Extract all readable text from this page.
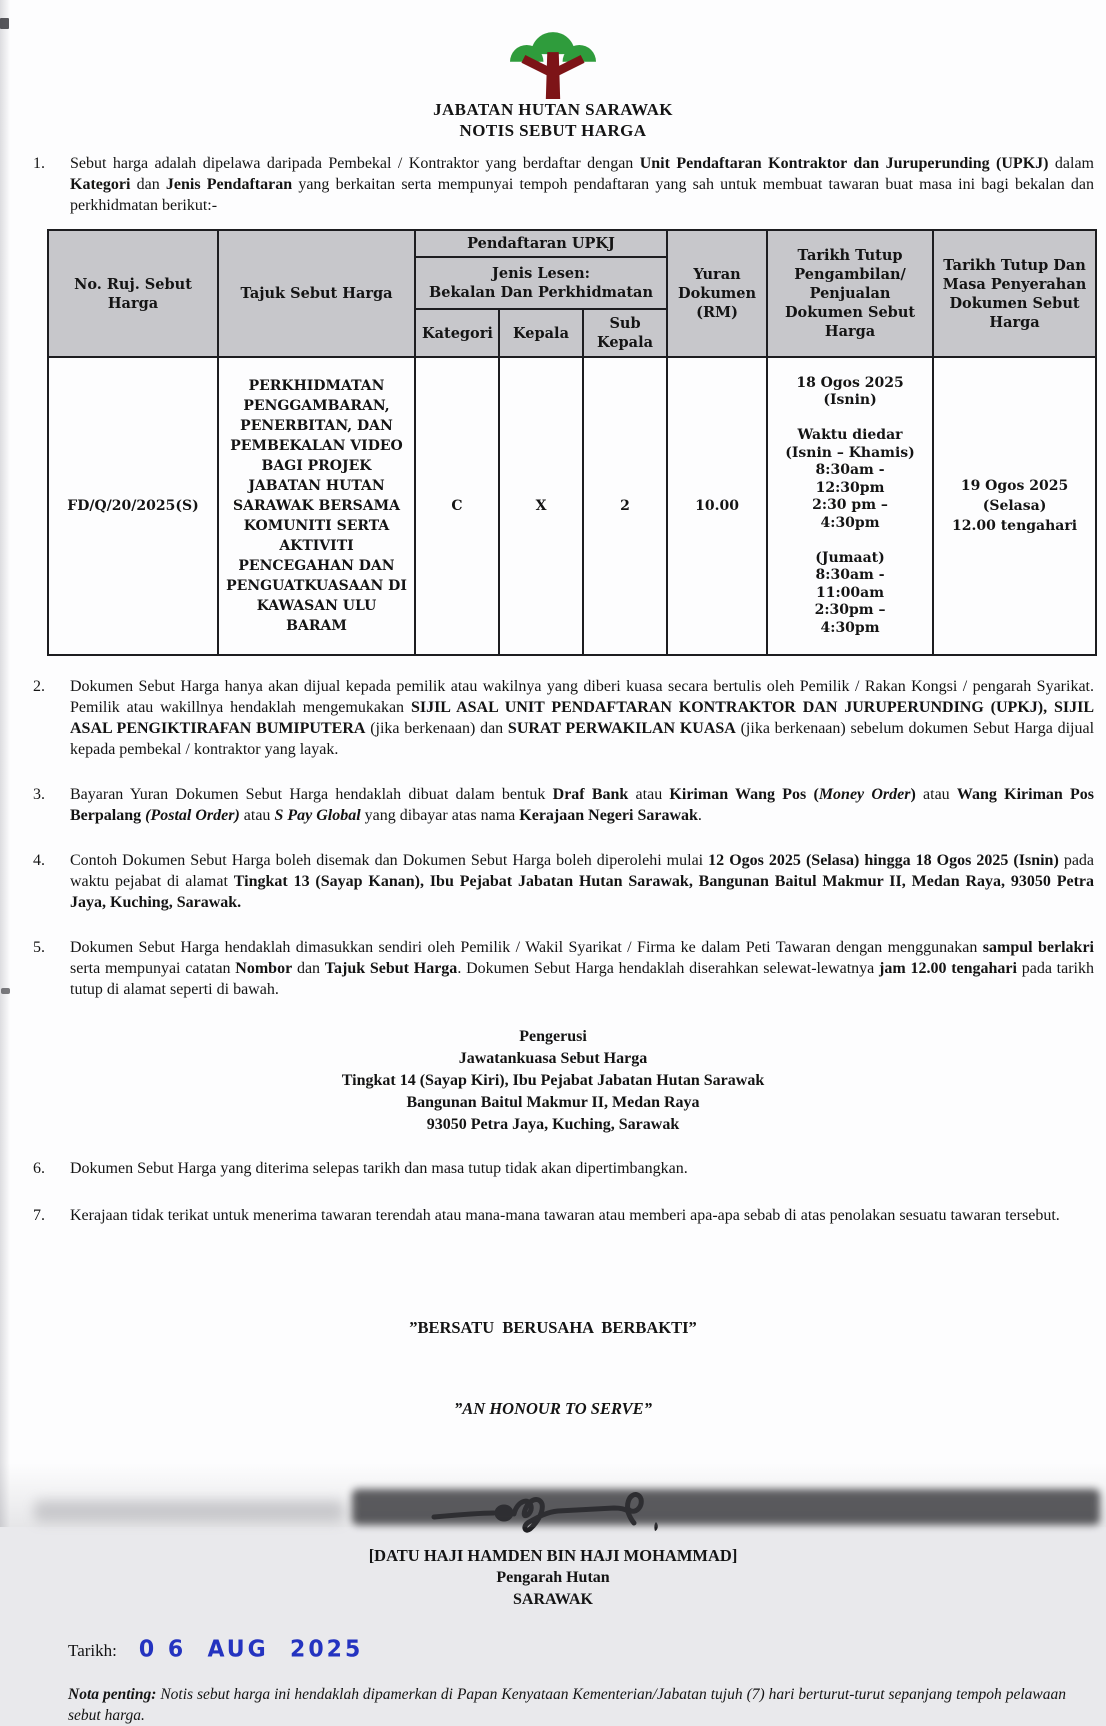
JABATAN HUTAN SARAWAK
NOTIS SEBUT HARGA
1.	Sebut harga adalah dipelawa daripada Pembekal / Kontraktor yang berdaftar dengan Unit Pendaftaran Kontraktor dan Juruperunding (UPKJ) dalam Kategori dan Jenis Pendaftaran yang berkaitan serta mempunyai tempoh pendaftaran yang sah untuk membuat tawaran buat masa ini bagi bekalan dan perkhidmatan berikut:-
No. Ruj. Sebut Harga	Tajuk Sebut Harga	Pendaftaran UPKJ			Yuran Dokumen (RM)	Tarikh Tutup Pengambilan/ Penjualan Dokumen Sebut Harga	Tarikh Tutup Dan Masa Penyerahan Dokumen Sebut Harga
		Jenis Lesen:
Bekalan Dan Perkhidmatan					
		Kategori	Kepala	Sub Kepala			
FD/Q/20/2025(S)	PERKHIDMATAN PENGGAMBARAN, PENERBITAN, DAN PEMBEKALAN VIDEO BAGI PROJEK JABATAN HUTAN SARAWAK BERSAMA KOMUNITI SERTA AKTIVITI PENCEGAHAN DAN PENGUATKUASAAN DI KAWASAN ULU BARAM	C	X	2	10.00	18 Ogos 2025
(Isnin)

Waktu diedar
(Isnin – Khamis)
8:30am -
12:30pm
2:30 pm –
4:30pm

(Jumaat)
8:30am -
11:00am
2:30pm –
4:30pm	19 Ogos 2025
(Selasa)
12.00 tengahari
2.	Dokumen Sebut Harga hanya akan dijual kepada pemilik atau wakilnya yang diberi kuasa secara bertulis oleh Pemilik / Rakan Kongsi / pengarah Syarikat. Pemilik atau wakillnya hendaklah mengemukakan SIJIL ASAL UNIT PENDAFTARAN KONTRAKTOR DAN JURUPERUNDING (UPKJ), SIJIL ASAL PENGIKTIRAFAN BUMIPUTERA (jika berkenaan) dan SURAT PERWAKILAN KUASA (jika berkenaan) sebelum dokumen Sebut Harga dijual kepada pembekal / kontraktor yang layak.
3.	Bayaran Yuran Dokumen Sebut Harga hendaklah dibuat dalam bentuk Draf Bank atau Kiriman Wang Pos (Money Order) atau Wang Kiriman Pos Berpalang (Postal Order) atau S Pay Global yang dibayar atas nama Kerajaan Negeri Sarawak.
4.	Contoh Dokumen Sebut Harga boleh disemak dan Dokumen Sebut Harga boleh diperolehi mulai 12 Ogos 2025 (Selasa) hingga 18 Ogos 2025 (Isnin) pada waktu pejabat di alamat Tingkat 13 (Sayap Kanan), Ibu Pejabat Jabatan Hutan Sarawak, Bangunan Baitul Makmur II, Medan Raya, 93050 Petra Jaya, Kuching, Sarawak.
5.	Dokumen Sebut Harga hendaklah dimasukkan sendiri oleh Pemilik / Wakil Syarikat / Firma ke dalam Peti Tawaran dengan menggunakan sampul berlakri serta mempunyai catatan Nombor dan Tajuk Sebut Harga. Dokumen Sebut Harga hendaklah diserahkan selewat-lewatnya jam 12.00 tengahari pada tarikh tutup di alamat seperti di bawah.
Pengerusi
Jawatankuasa Sebut Harga
Tingkat 14 (Sayap Kiri), Ibu Pejabat Jabatan Hutan Sarawak
Bangunan Baitul Makmur II, Medan Raya
93050 Petra Jaya, Kuching, Sarawak
6.	Dokumen Sebut Harga yang diterima selepas tarikh dan masa tutup tidak akan dipertimbangkan.
7.	Kerajaan tidak terikat untuk menerima tawaran terendah atau mana-mana tawaran atau memberi apa-apa sebab di atas penolakan sesuatu tawaran tersebut.

”BERSATU  BERUSAHA  BERBAKTI”

”AN HONOUR TO SERVE”

[DATU HAJI HAMDEN BIN HAJI MOHAMMAD]
Pengarah Hutan
SARAWAK
Tarikh: 0 6  AUG  2025
Nota penting: Notis sebut harga ini hendaklah dipamerkan di Papan Kenyataan Kementerian/Jabatan tujuh (7) hari berturut-turut sepanjang tempoh pelawaan sebut harga.
